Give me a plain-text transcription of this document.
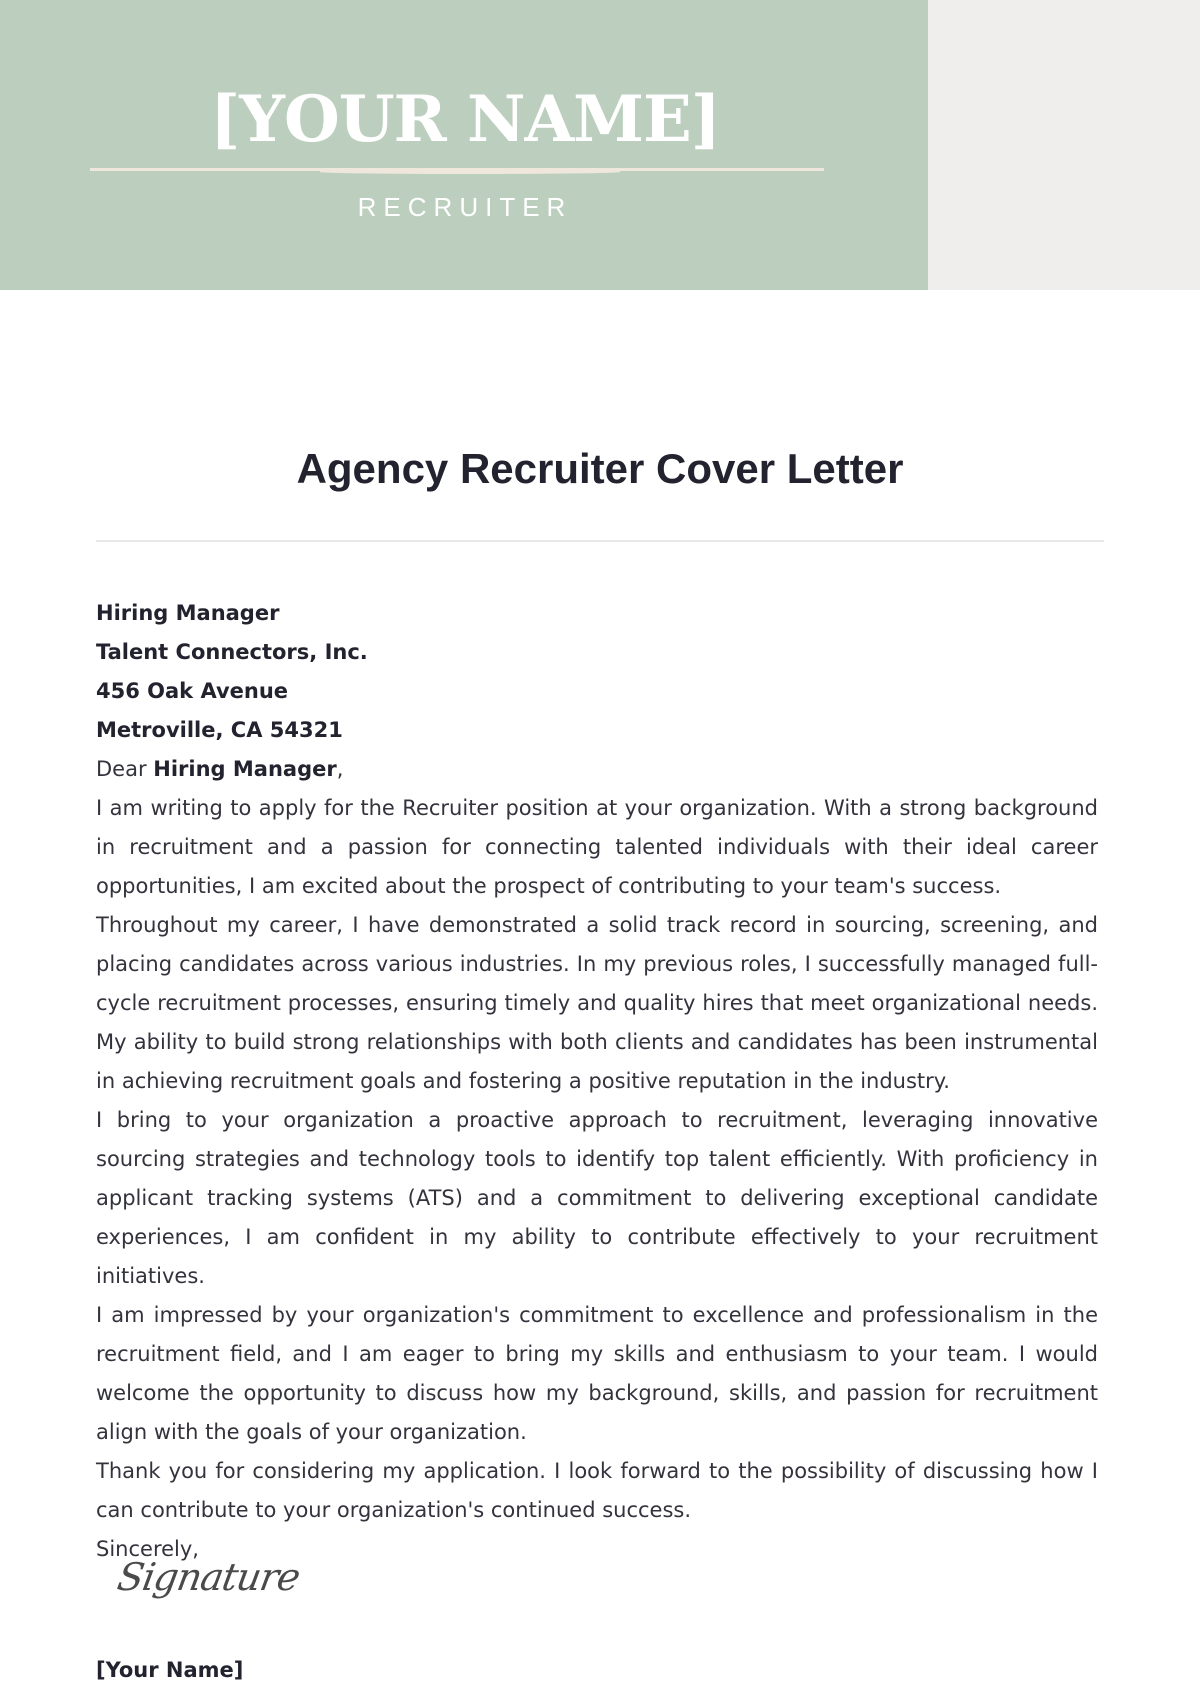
[YOUR NAME]
RECRUITER
Agency Recruiter Cover Letter
Hiring Manager
Talent Connectors, Inc.
456 Oak Avenue
Metroville, CA 54321
Dear Hiring Manager,

I am writing to apply for the Recruiter position at your organization. With a strong background in recruitment and a passion for connecting talented individuals with their ideal career opportunities, I am excited about the prospect of contributing to your team's success.

Throughout my career, I have demonstrated a solid track record in sourcing, screening, and placing candidates across various industries. In my previous roles, I successfully managed full-cycle recruitment processes, ensuring timely and quality hires that meet organizational needs. My ability to build strong relationships with both clients and candidates has been instrumental in achieving recruitment goals and fostering a positive reputation in the industry.

I bring to your organization a proactive approach to recruitment, leveraging innovative sourcing strategies and technology tools to identify top talent efficiently. With proficiency in applicant tracking systems (ATS) and a commitment to delivering exceptional candidate experiences, I am confident in my ability to contribute effectively to your recruitment initiatives.

I am impressed by your organization's commitment to excellence and professionalism in the recruitment field, and I am eager to bring my skills and enthusiasm to your team. I would welcome the opportunity to discuss how my background, skills, and passion for recruitment align with the goals of your organization.

Thank you for considering my application. I look forward to the possibility of discussing how I can contribute to your organization's continued success.

Sincerely,
Signature
[Your Name]
